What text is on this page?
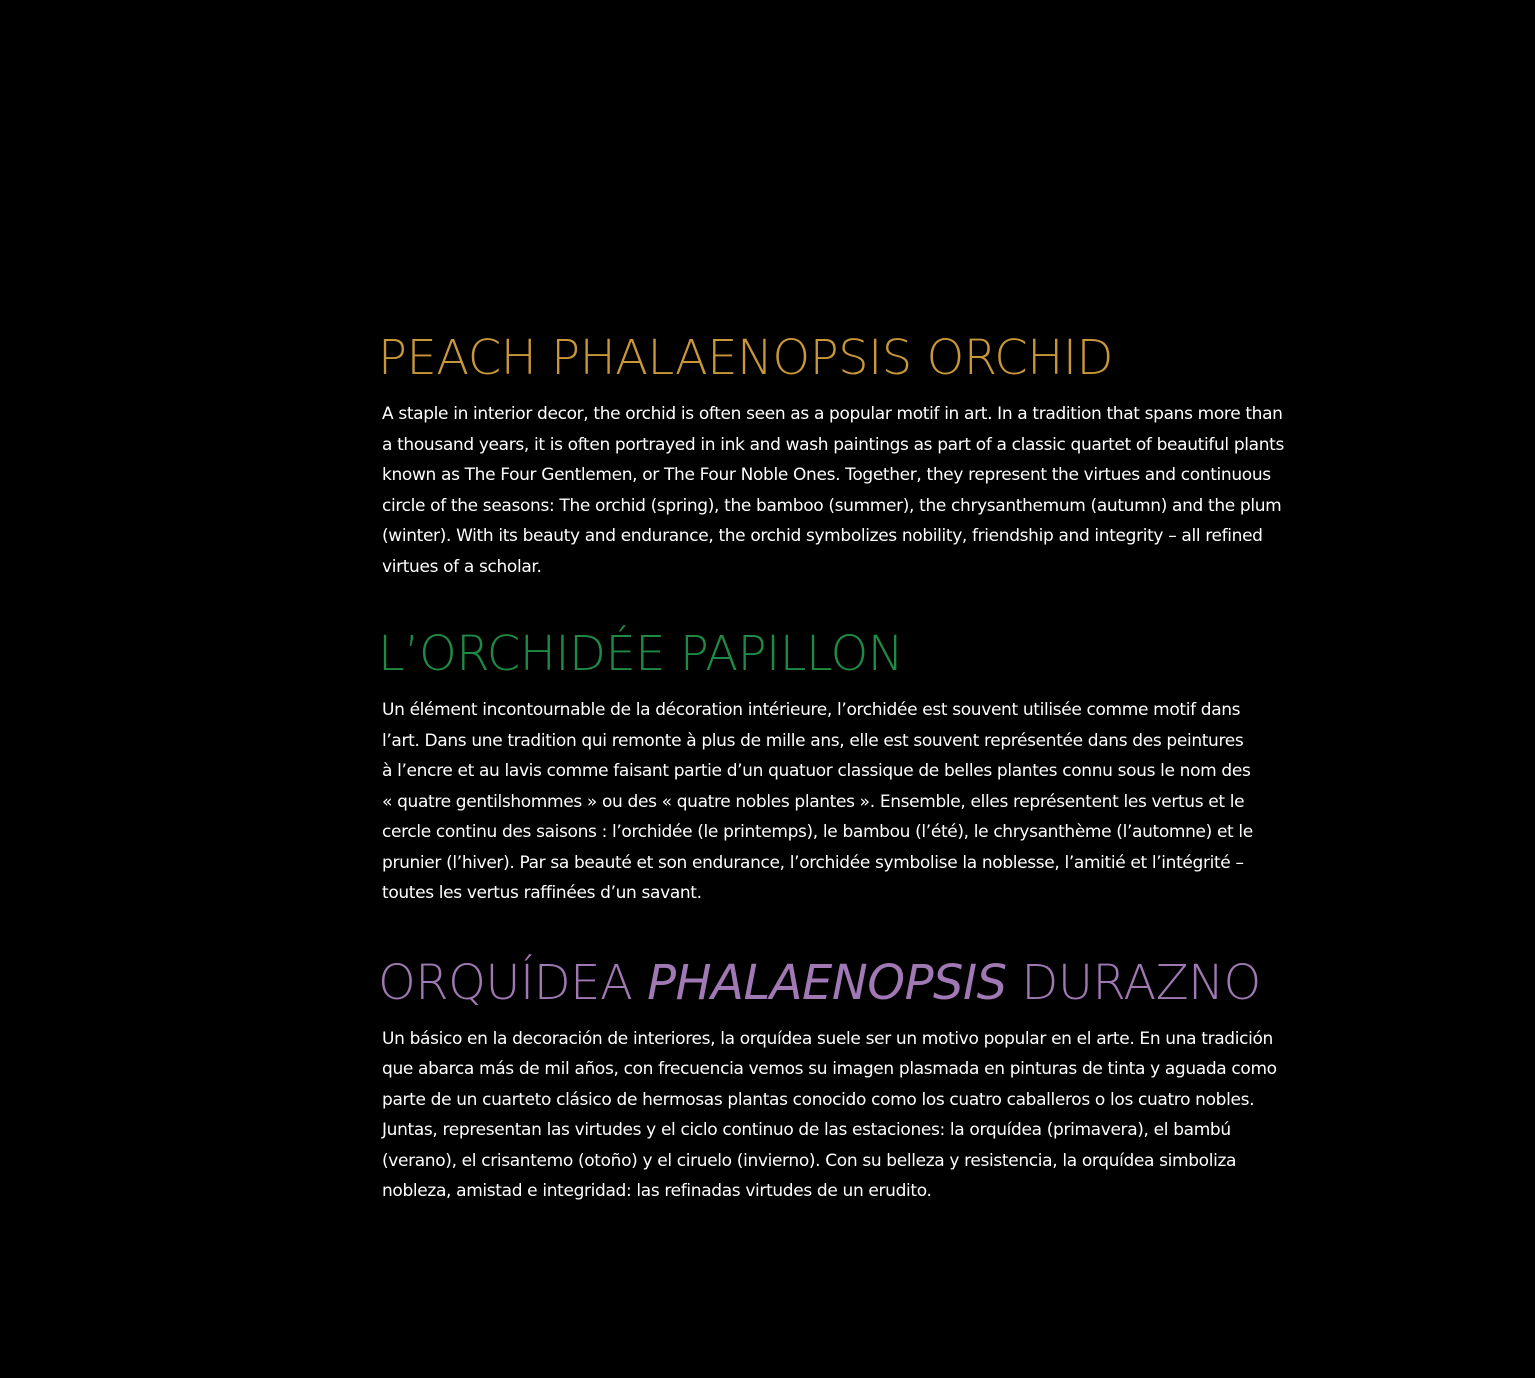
PEACH PHALAENOPSIS ORCHID

A staple in interior decor, the orchid is often seen as a popular motif in art. In a tradition that spans more than
a thousand years, it is often portrayed in ink and wash paintings as part of a classic quartet of beautiful plants
known as The Four Gentlemen, or The Four Noble Ones. Together, they represent the virtues and continuous
circle of the seasons: The orchid (spring), the bamboo (summer), the chrysanthemum (autumn) and the plum
(winter). With its beauty and endurance, the orchid symbolizes nobility, friendship and integrity – all refined
virtues of a scholar.

L’ORCHIDÉE PAPILLON

Un élément incontournable de la décoration intérieure, l’orchidée est souvent utilisée comme motif dans
l’art. Dans une tradition qui remonte à plus de mille ans, elle est souvent représentée dans des peintures
à l’encre et au lavis comme faisant partie d’un quatuor classique de belles plantes connu sous le nom des
« quatre gentilshommes » ou des « quatre nobles plantes ». Ensemble, elles représentent les vertus et le
cercle continu des saisons : l’orchidée (le printemps), le bambou (l’été), le chrysanthème (l’automne) et le
prunier (l’hiver). Par sa beauté et son endurance, l’orchidée symbolise la noblesse, l’amitié et l’intégrité –
toutes les vertus raffinées d’un savant.

ORQUÍDEA PHALAENOPSIS DURAZNO

Un básico en la decoración de interiores, la orquídea suele ser un motivo popular en el arte. En una tradición
que abarca más de mil años, con frecuencia vemos su imagen plasmada en pinturas de tinta y aguada como
parte de un cuarteto clásico de hermosas plantas conocido como los cuatro caballeros o los cuatro nobles.
Juntas, representan las virtudes y el ciclo continuo de las estaciones: la orquídea (primavera), el bambú
(verano), el crisantemo (otoño) y el ciruelo (invierno). Con su belleza y resistencia, la orquídea simboliza
nobleza, amistad e integridad: las refinadas virtudes de un erudito.
